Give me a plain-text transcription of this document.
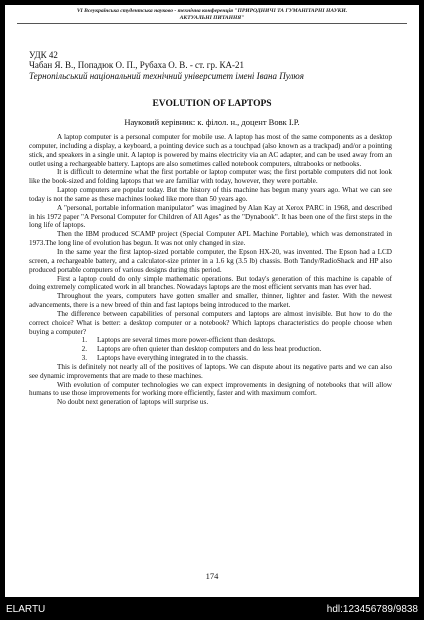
VI Всеукраїнська студентська науково - технічна конференція "ПРИРОДНИЧІ ТА ГУМАНІТАРНІ НАУКИ.
АКТУАЛЬНІ ПИТАННЯ"
УДК 42
Чабан Я. В., Попадюк О. П., Рубаха О. В. - ст. гр. КА-21
Тернопільський національний технічний університет імені Івана Пулюя
EVOLUTION OF LAPTOPS
Науковий керівник: к. філол. н., доцент Вовк І.Р.

A laptop computer is a personal computer for mobile use. A laptop has most of the same components as a desktop computer, including a display, a keyboard, a pointing device such as a touchpad (also known as a trackpad) and/or a pointing stick, and speakers in a single unit. A laptop is powered by mains electricity via an AC adapter, and can be used away from an outlet using a rechargeable battery. Laptops are also sometimes called notebook computers, ultrabooks or netbooks.

It is difficult to determine what the first portable or laptop computer was; the first portable computers did not look like the book-sized and folding laptops that we are familiar with today, however, they were portable.

Laptop computers are popular today. But the history of this machine has begun many years ago. What we can see today is not the same as these machines looked like more than 50 years ago.

A "personal, portable information manipulator" was imagined by Alan Kay at Xerox PARC in 1968, and described in his 1972 paper "A Personal Computer for Children of All Ages" as the "Dynabook". It has been one of the first steps in the long life of laptops.

Then the IBM produced SCAMP project (Special Computer APL Machine Portable), which was demonstrated in 1973.The long line of evolution has begun. It was not only changed in size.

In the same year the first laptop-sized portable computer, the Epson HX-20, was invented. The Epson had a LCD screen, a rechargeable battery, and a calculator-size printer in a 1.6 kg (3.5 lb) chassis. Both Tandy/RadioShack and HP also produced portable computers of various designs during this period.

First a laptop could do only simple mathematic operations. But today's generation of this machine is capable of doing extremely complicated work in all branches. Nowadays laptops are the most efficient servants man has ever had.

Throughout the years, computers have gotten smaller and smaller, thinner, lighter and faster. With the newest advancements, there is a new breed of thin and fast laptops being introduced to the market.

The difference between capabilities of personal computers and laptops are almost invisible. But how to do the correct choice? What is better: a desktop computer or a notebook? Which laptops characteristics do people choose when buying a computer?

1.	Laptops are several times more power-efficient than desktops.
2.	Laptops are often quieter than desktop computers and do less heat production.
3.	Laptops have everything integrated in to the chassis.

This is definitely not nearly all of the positives of laptops. We can dispute about its negative parts and we can also see dynamic improvements that are made to these machines.

With evolution of computer technologies we can expect improvements in designing of notebooks that will allow humans to use those improvements for working more efficiently, faster and with maximum comfort.

No doubt next generation of laptops will surprise us.

174
ELARTU	hdl:123456789/9838
